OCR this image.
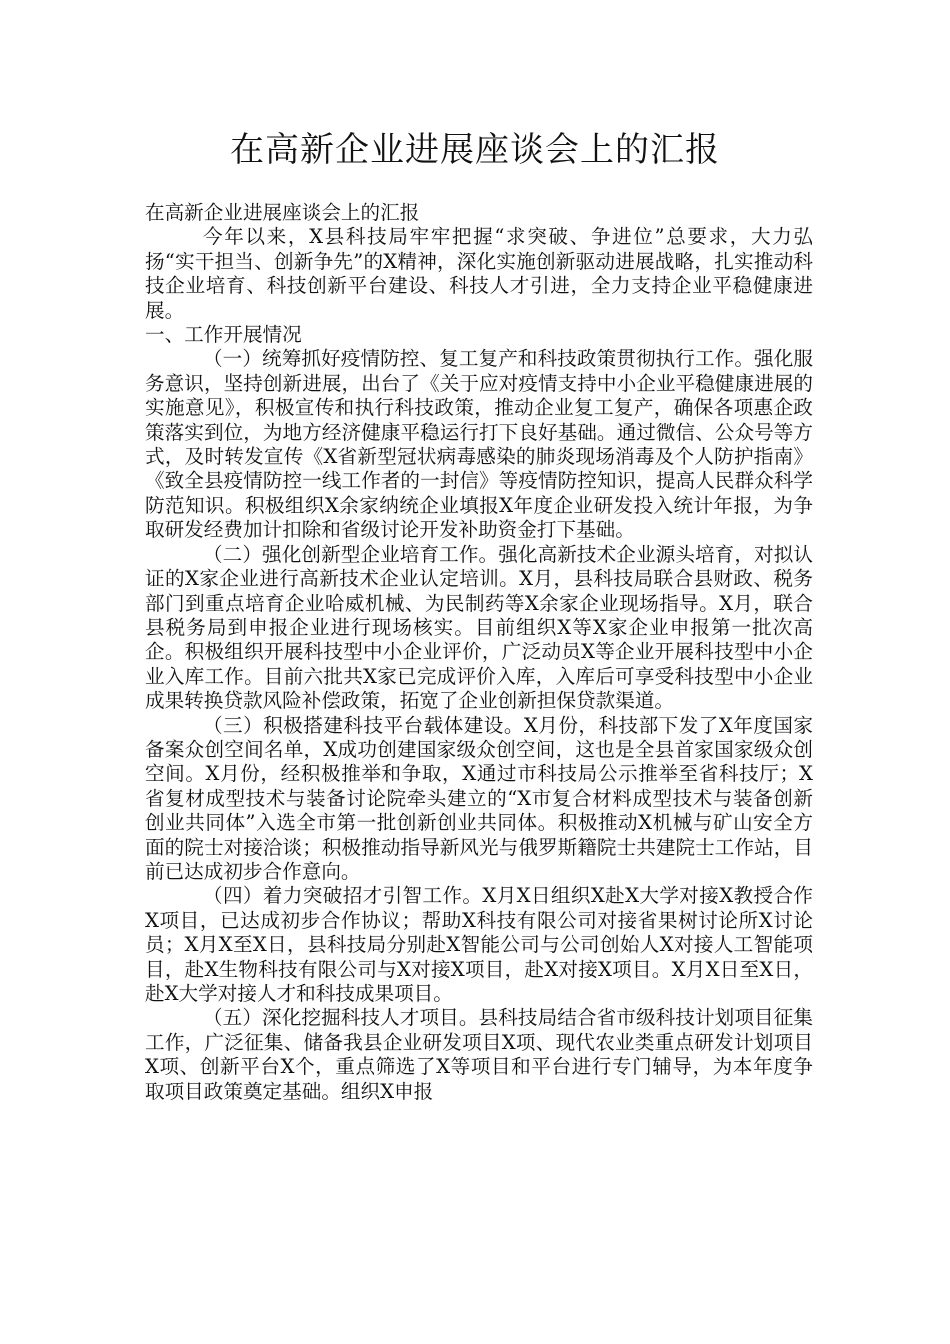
在高新企业进展座谈会上的汇报

在高新企业进展座谈会上的汇报

今年以来，X县科技局牢牢把握“求突破、争进位”总要求，大力弘扬“实干担当、创新争先”的X精神，深化实施创新驱动进展战略，扎实推动科技企业培育、科技创新平台建设、科技人才引进，全力支持企业平稳健康进展。

一、工作开展情况

（一）统筹抓好疫情防控、复工复产和科技政策贯彻执行工作。强化服务意识，坚持创新进展，出台了《关于应对疫情支持中小企业平稳健康进展的实施意见》，积极宣传和执行科技政策，推动企业复工复产，确保各项惠企政策落实到位，为地方经济健康平稳运行打下良好基础。通过微信、公众号等方式，及时转发宣传《X省新型冠状病毒感染的肺炎现场消毒及个人防护指南》《致全县疫情防控一线工作者的一封信》等疫情防控知识，提高人民群众科学防范知识。积极组织X余家纳统企业填报X年度企业研发投入统计年报，为争取研发经费加计扣除和省级讨论开发补助资金打下基础。

（二）强化创新型企业培育工作。强化高新技术企业源头培育，对拟认证的X家企业进行高新技术企业认定培训。X月，县科技局联合县财政、税务部门到重点培育企业哈威机械、为民制药等X余家企业现场指导。X月，联合县税务局到申报企业进行现场核实。目前组织X等X家企业申报第一批次高企。积极组织开展科技型中小企业评价，广泛动员X等企业开展科技型中小企业入库工作。目前六批共X家已完成评价入库，入库后可享受科技型中小企业成果转换贷款风险补偿政策，拓宽了企业创新担保贷款渠道。

（三）积极搭建科技平台载体建设。X月份，科技部下发了X年度国家备案众创空间名单，X成功创建国家级众创空间，这也是全县首家国家级众创空间。X月份，经积极推举和争取，X通过市科技局公示推举至省科技厅；X省复材成型技术与装备讨论院牵头建立的“X市复合材料成型技术与装备创新创业共同体”入选全市第一批创新创业共同体。积极推动X机械与矿山安全方面的院士对接洽谈；积极推动指导新风光与俄罗斯籍院士共建院士工作站，目前已达成初步合作意向。

（四）着力突破招才引智工作。X月X日组织X赴X大学对接X教授合作X项目，已达成初步合作协议；帮助X科技有限公司对接省果树讨论所X讨论员；X月X至X日，县科技局分别赴X智能公司与公司创始人X对接人工智能项目，赴X生物科技有限公司与X对接X项目，赴X对接X项目。X月X日至X日，赴X大学对接人才和科技成果项目。

（五）深化挖掘科技人才项目。县科技局结合省市级科技计划项目征集工作，广泛征集、储备我县企业研发项目X项、现代农业类重点研发计划项目X项、创新平台X个，重点筛选了X等项目和平台进行专门辅导，为本年度争取项目政策奠定基础。组织X申报
